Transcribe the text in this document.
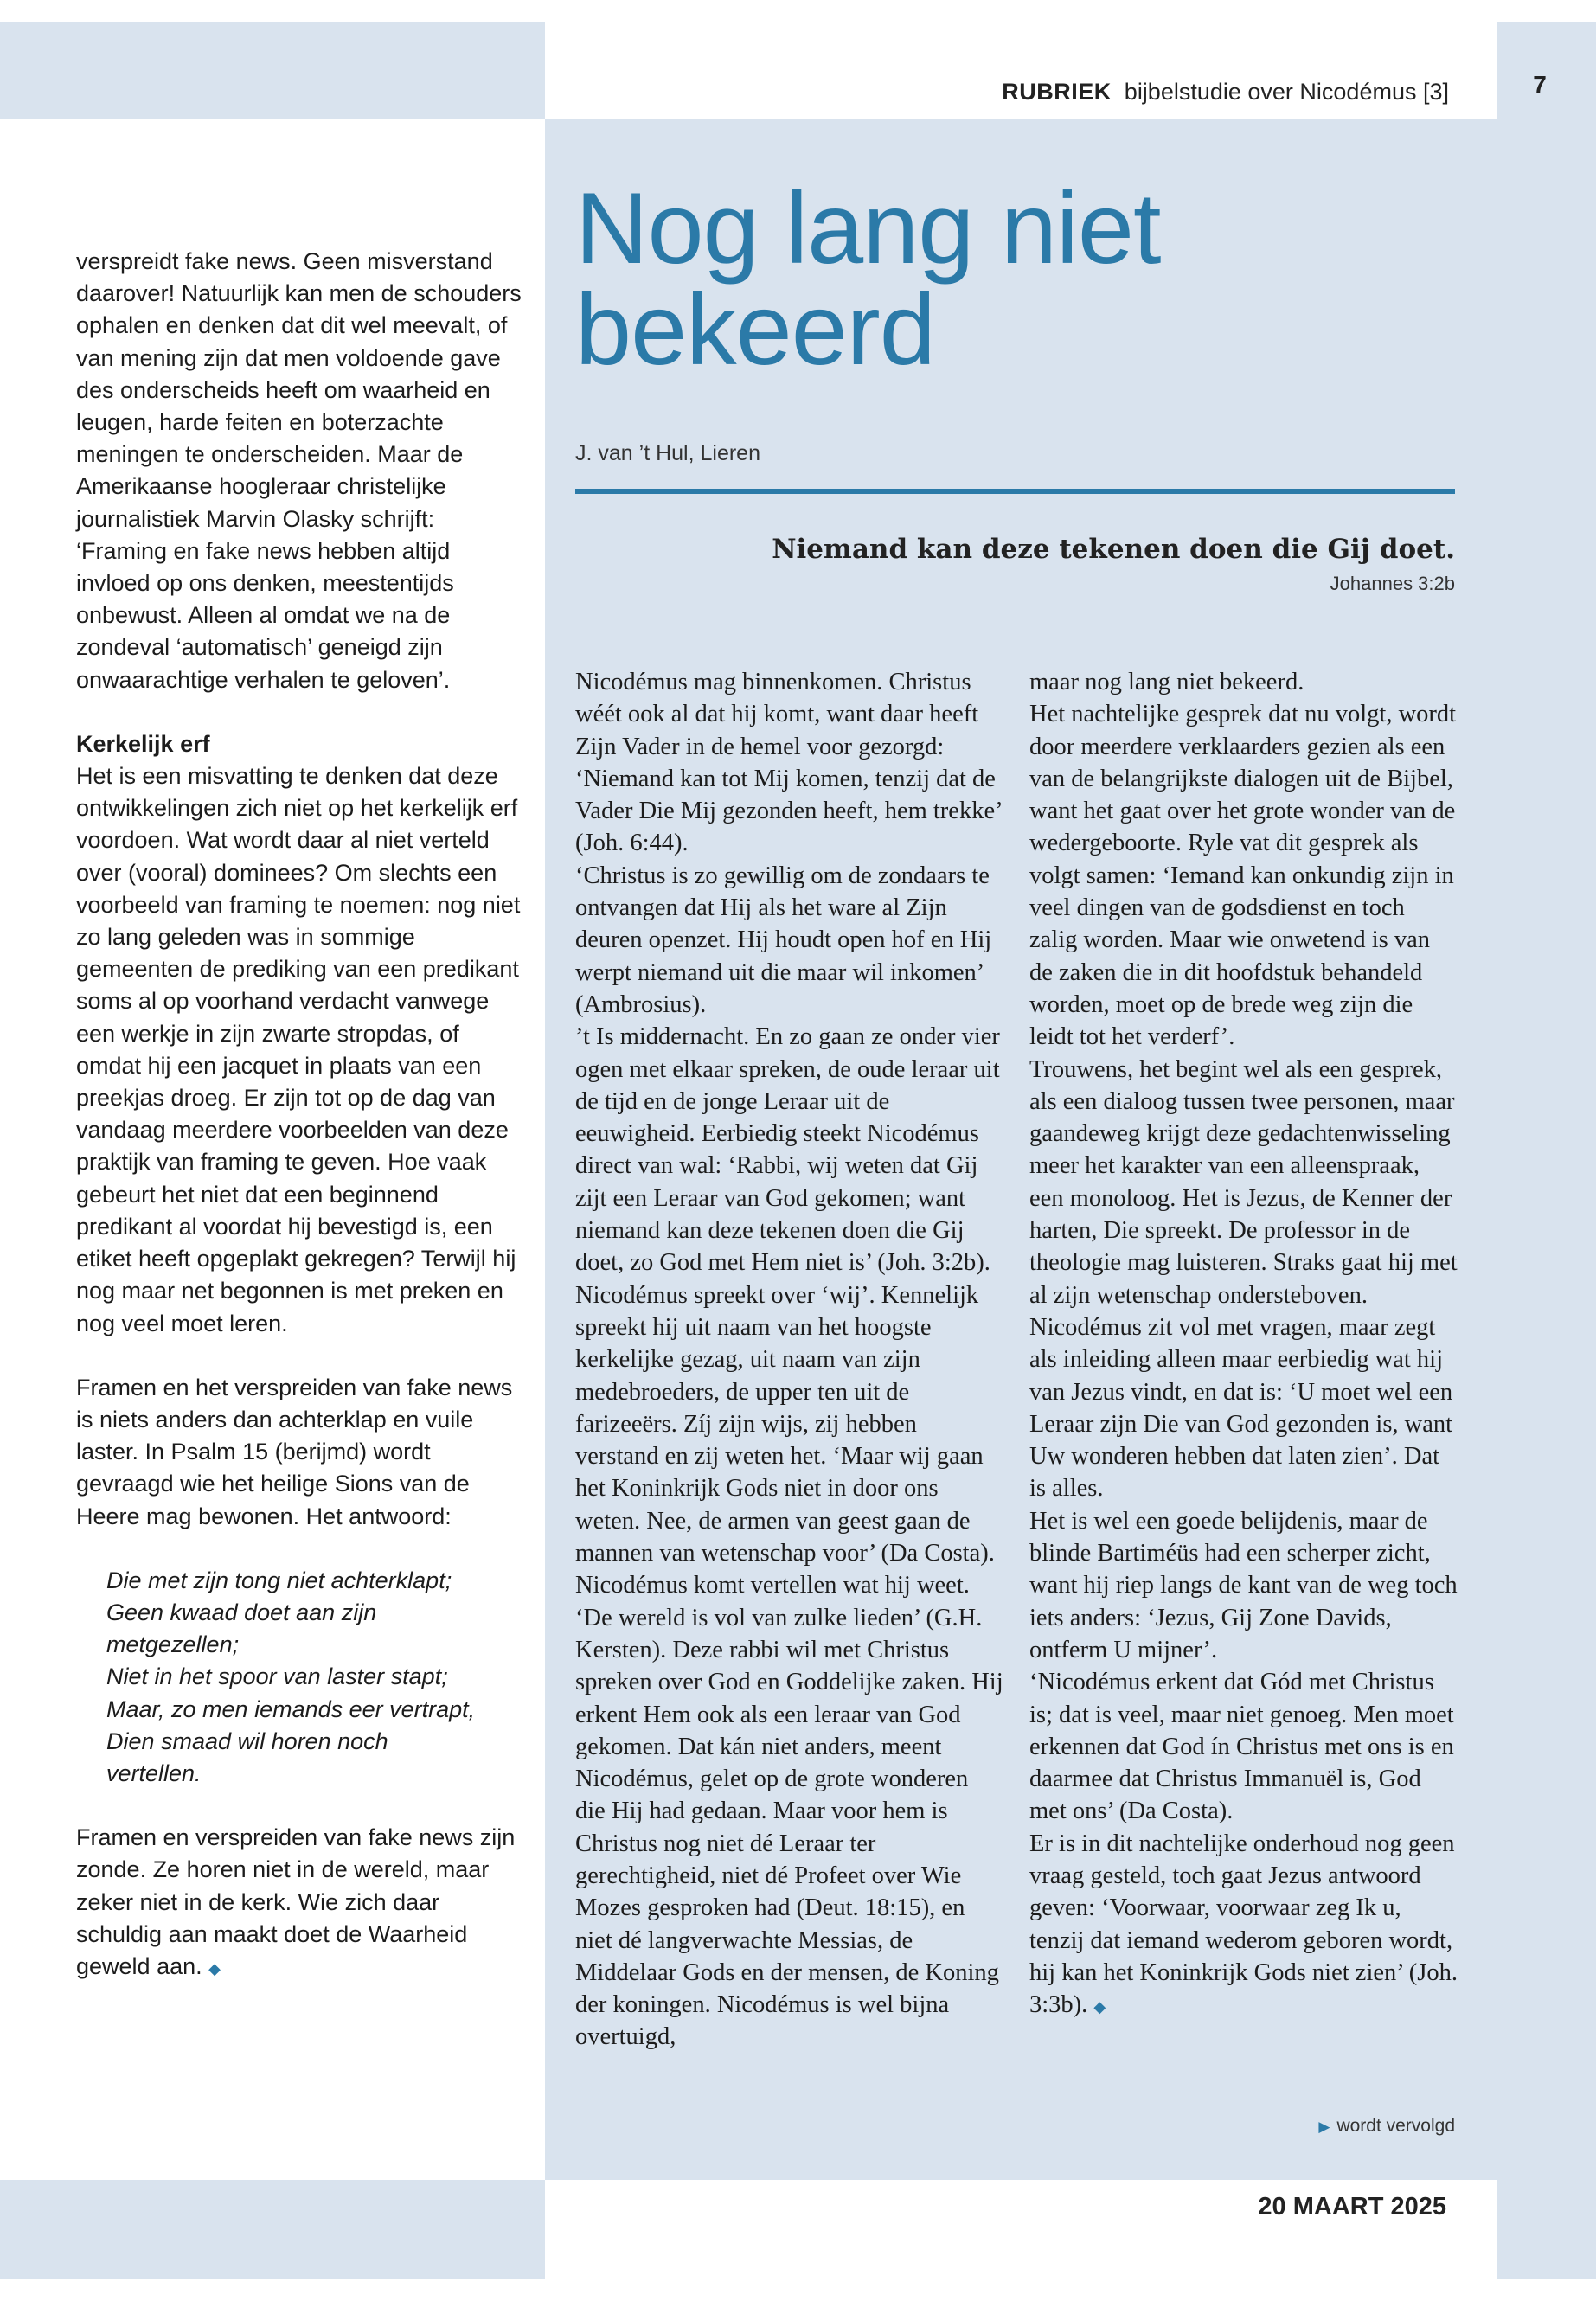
RUBRIEK bijbelstudie over Nicodémus [3]	7
Nog lang niet
bekeerd
J. van ’t Hul, Lieren
Niemand kan deze tekenen doen die Gij doet.
Johannes 3:2b

verspreidt fake news. Geen misverstand daarover! Natuurlijk kan men de schouders ophalen en denken dat dit wel meevalt, of van mening zijn dat men voldoende gave des onderscheids heeft om waarheid en leugen, harde feiten en boterzachte meningen te onderscheiden. Maar de Amerikaanse hoogleraar christelijke journalistiek Marvin Olasky schrijft: ‘Framing en fake news hebben altijd invloed op ons denken, meestentijds onbewust. Alleen al omdat we na de zondeval ‘automatisch’ geneigd zijn onwaarachtige verhalen te geloven’.

Kerkelijk erf

Het is een misvatting te denken dat deze ontwikkelingen zich niet op het kerkelijk erf voordoen. Wat wordt daar al niet verteld over (vooral) dominees? Om slechts een voorbeeld van framing te noemen: nog niet zo lang geleden was in sommige gemeenten de prediking van een predikant soms al op voorhand verdacht vanwege een werkje in zijn zwarte stropdas, of omdat hij een jacquet in plaats van een preekjas droeg. Er zijn tot op de dag van vandaag meerdere voorbeelden van deze praktijk van framing te geven. Hoe vaak gebeurt het niet dat een beginnend predikant al voordat hij bevestigd is, een etiket heeft opgeplakt gekregen? Terwijl hij nog maar net begonnen is met preken en nog veel moet leren.

Framen en het verspreiden van fake news is niets anders dan achterklap en vuile laster. In Psalm 15 (berijmd) wordt gevraagd wie het heilige Sions van de Heere mag bewonen. Het antwoord:

Die met zijn tong niet achterklapt;
Geen kwaad doet aan zijn
metgezellen;
Niet in het spoor van laster stapt;
Maar, zo men iemands eer vertrapt,
Dien smaad wil horen noch
vertellen.

Framen en verspreiden van fake news zijn zonde. Ze horen niet in de wereld, maar zeker niet in de kerk. Wie zich daar schuldig aan maakt doet de Waarheid geweld aan. ◆

Nicodémus mag binnenkomen. Christus wéét ook al dat hij komt, want daar heeft Zijn Vader in de hemel voor gezorgd: ‘Niemand kan tot Mij komen, tenzij dat de Vader Die Mij gezonden heeft, hem trekke’ (Joh. 6:44).

‘Christus is zo gewillig om de zondaars te ontvangen dat Hij als het ware al Zijn deuren openzet. Hij houdt open hof en Hij werpt niemand uit die maar wil inkomen’ (Ambrosius).

’t Is middernacht. En zo gaan ze onder vier ogen met elkaar spreken, de oude leraar uit de tijd en de jonge Leraar uit de eeuwigheid. Eerbiedig steekt Nicodémus direct van wal: ‘Rabbi, wij weten dat Gij zijt een Leraar van God gekomen; want niemand kan deze tekenen doen die Gij doet, zo God met Hem niet is’ (Joh. 3:2b).

Nicodémus spreekt over ‘wij’. Kennelijk spreekt hij uit naam van het hoogste kerkelijke gezag, uit naam van zijn medebroeders, de upper ten uit de farizeeërs. Zíj zijn wijs, zij hebben verstand en zij weten het. ‘Maar wij gaan het Koninkrijk Gods niet in door ons weten. Nee, de armen van geest gaan de mannen van wetenschap voor’ (Da Costa).

Nicodémus komt vertellen wat hij weet. ‘De wereld is vol van zulke lieden’ (G.H. Kersten). Deze rabbi wil met Christus spreken over God en Goddelijke zaken. Hij erkent Hem ook als een leraar van God gekomen. Dat kán niet anders, meent Nicodémus, gelet op de grote wonderen die Hij had gedaan. Maar voor hem is Christus nog niet dé Leraar ter gerechtigheid, niet dé Profeet over Wie Mozes gesproken had (Deut. 18:15), en niet dé langverwachte Messias, de Middelaar Gods en der mensen, de Koning der koningen. Nicodémus is wel bijna overtuigd,

maar nog lang niet bekeerd.

Het nachtelijke gesprek dat nu volgt, wordt door meerdere verklaarders gezien als een van de belangrijkste dialogen uit de Bijbel, want het gaat over het grote wonder van de wedergeboorte. Ryle vat dit gesprek als volgt samen: ‘Iemand kan onkundig zijn in veel dingen van de godsdienst en toch zalig worden. Maar wie onwetend is van de zaken die in dit hoofdstuk behandeld worden, moet op de brede weg zijn die leidt tot het verderf’.

Trouwens, het begint wel als een gesprek, als een dialoog tussen twee personen, maar gaandeweg krijgt deze gedachtenwisseling meer het karakter van een alleenspraak, een monoloog. Het is Jezus, de Kenner der harten, Die spreekt. De professor in de theologie mag luisteren. Straks gaat hij met al zijn wetenschap ondersteboven.

Nicodémus zit vol met vragen, maar zegt als inleiding alleen maar eerbiedig wat hij van Jezus vindt, en dat is: ‘U moet wel een Leraar zijn Die van God gezonden is, want Uw wonderen hebben dat laten zien’. Dat is alles.

Het is wel een goede belijdenis, maar de blinde Bartiméüs had een scherper zicht, want hij riep langs de kant van de weg toch iets anders: ‘Jezus, Gij Zone Davids, ontferm U mijner’.

‘Nicodémus erkent dat Gód met Christus is; dat is veel, maar niet genoeg. Men moet erkennen dat God ín Christus met ons is en daarmee dat Christus Immanuël is, God met ons’ (Da Costa).

Er is in dit nachtelijke onderhoud nog geen vraag gesteld, toch gaat Jezus antwoord geven: ‘Voorwaar, voorwaar zeg Ik u, tenzij dat iemand wederom geboren wordt, hij kan het Koninkrijk Gods niet zien’ (Joh. 3:3b). ◆

▶ wordt vervolgd
20 MAART 2025
